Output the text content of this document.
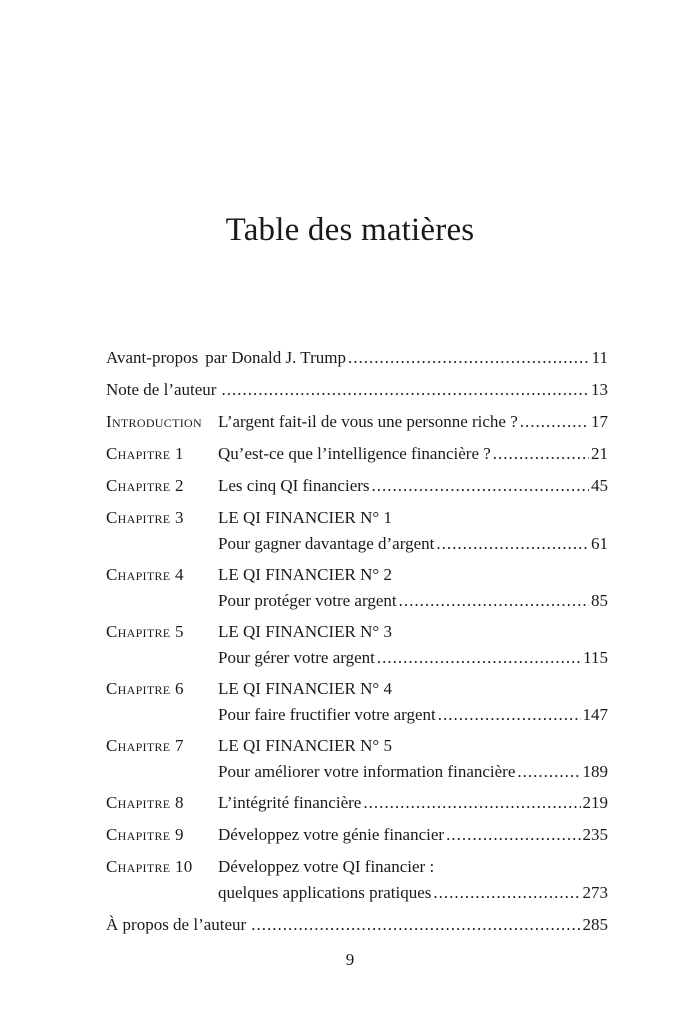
Table des matières
Avant-propos par Donald J. Trump .....	11
Note de l’auteur .....	13
Introduction L’argent fait-il de vous une personne riche ? .....	17
Chapitre 1	Qu’est-ce que l’intelligence financière ? .....	21
Chapitre 2	Les cinq QI financiers .....	45
Chapitre 3	LE QI FINANCIER N° 1
Pour gagner davantage d’argent .....	61
Chapitre 4	LE QI FINANCIER N° 2
Pour protéger votre argent .....	85
Chapitre 5	LE QI FINANCIER N° 3
Pour gérer votre argent .....	115
Chapitre 6	LE QI FINANCIER N° 4
Pour faire fructifier votre argent .....	147
Chapitre 7	LE QI FINANCIER N° 5
Pour améliorer votre information financière .....	189
Chapitre 8	L’intégrité financière .....	219
Chapitre 9	Développez votre génie financier .....	235
Chapitre 10	Développez votre QI financier :
quelques applications pratiques .....	273
À propos de l’auteur .....	285
9
